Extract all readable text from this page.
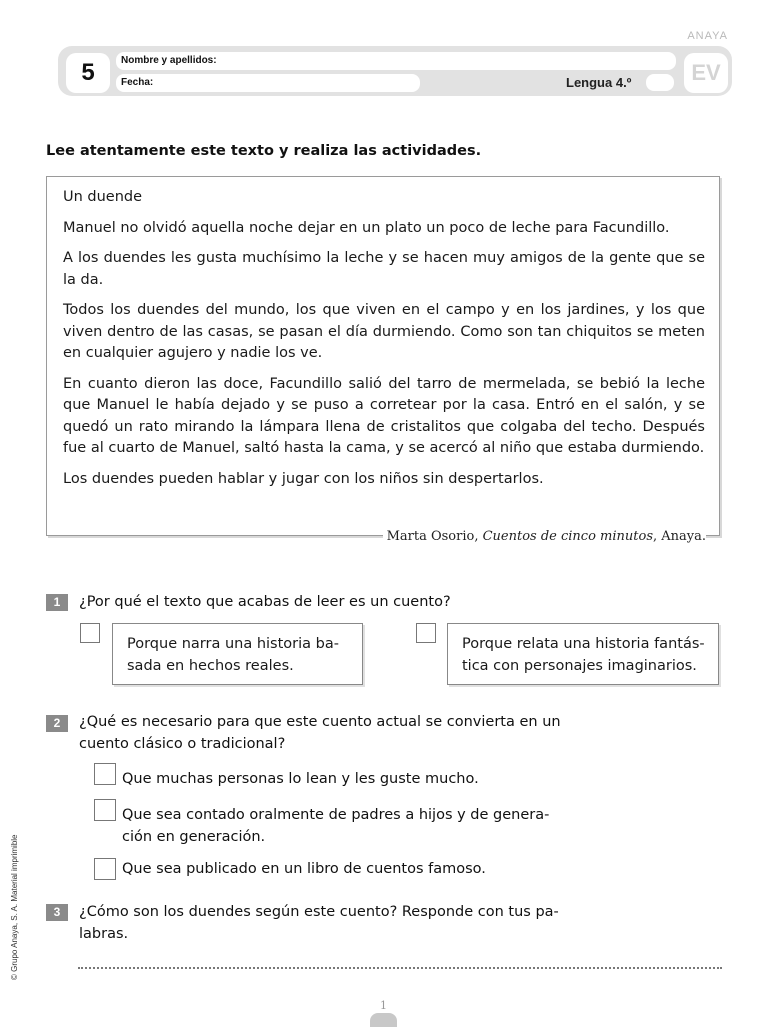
ANAYA
5	Nombre y apellidos:
Fecha:	Lengua 4.º	EV
Lee atentamente este texto y realiza las actividades.

Un duende

Manuel no olvidó aquella noche dejar en un plato un poco de leche para Facundillo.

A los duendes les gusta muchísimo la leche y se hacen muy amigos de la gente que se la da.

Todos los duendes del mundo, los que viven en el campo y en los jardines, y los que viven dentro de las casas, se pasan el día durmiendo. Como son tan chiquitos se meten en cualquier agujero y nadie los ve.

En cuanto dieron las doce, Facundillo salió del tarro de mermelada, se bebió la leche que Manuel le había dejado y se puso a corretear por la casa. Entró en el salón, y se quedó un rato mirando la lámpara llena de cristalitos que colgaba del techo. Después fue al cuarto de Manuel, saltó hasta la cama, y se acercó al niño que estaba durmiendo.

Los duendes pueden hablar y jugar con los niños sin despertarlos.

Marta Osorio, Cuentos de cinco minutos, Anaya.
1	¿Por qué el texto que acabas de leer es un cuento?
Porque narra una historia ba- sada en hechos reales.
Porque relata una historia fantás- tica con personajes imaginarios.
2	¿Qué es necesario para que este cuento actual se convierta en un cuento clásico o tradicional?
Que muchas personas lo lean y les guste mucho.
Que sea contado oralmente de padres a hijos y de genera- ción en generación.
Que sea publicado en un libro de cuentos famoso.
3	¿Cómo son los duendes según este cuento? Responde con tus pa- labras.
© Grupo Anaya, S. A. Material imprimible
1
